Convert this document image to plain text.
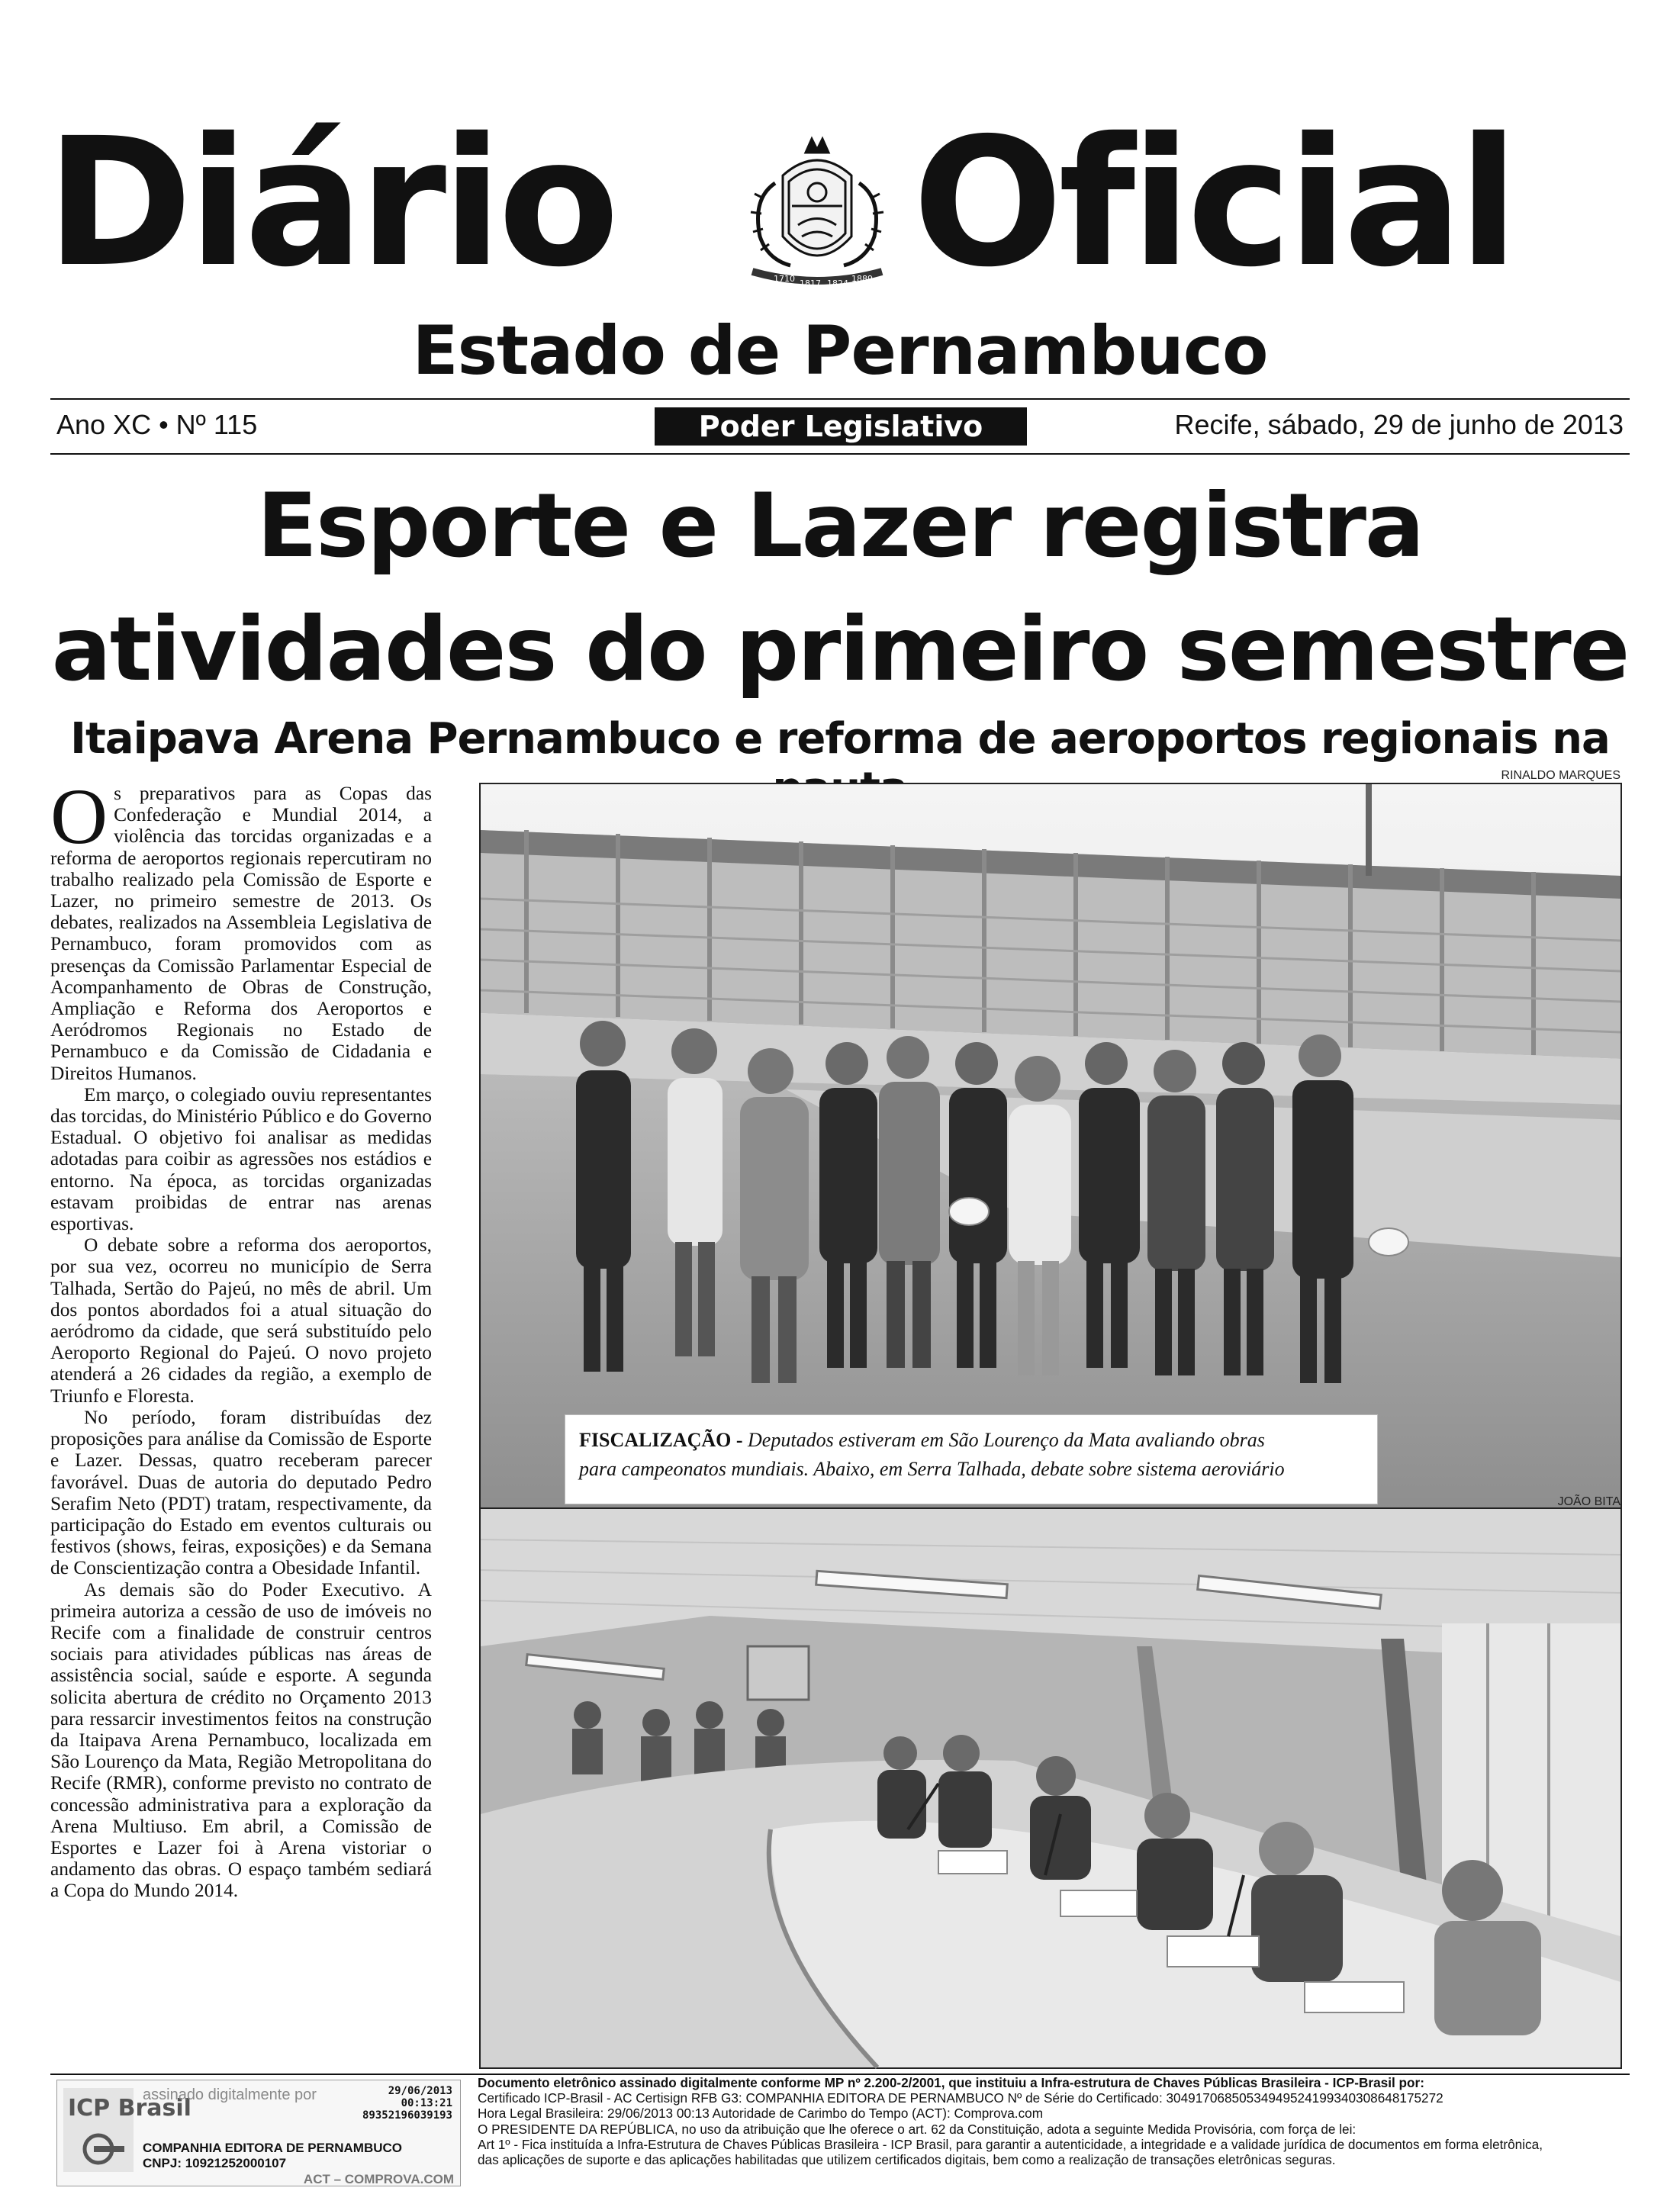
Diário	1710 1817 1824 1889 Oficial
Estado de Pernambuco
Ano XC • Nº 115	Poder Legislativo	Recife, sábado, 29 de junho de 2013
Esporte e Lazer registra
atividades do primeiro semestre
Itaipava Arena Pernambuco e reforma de aeroportos regionais na

Os preparativos para as Copas das Confederação e Mundial 2014, a violência das torcidas organizadas e a reforma de aeroportos regionais repercutiram no trabalho realizado pela Comissão de Esporte e Lazer, no primeiro semestre de 2013. Os debates, realizados na Assembleia Legislativa de Pernambuco, foram promovidos com as presenças da Comissão Parlamentar Especial de Acompanhamento de Obras de Construção, Ampliação e Reforma dos Aeroportos e Aeródromos Regionais no Estado de Pernambuco e da Comissão de Cidadania e Direitos Humanos.

Em março, o colegiado ouviu representantes das torcidas, do Ministério Público e do Governo Estadual. O objetivo foi analisar as medidas adotadas para coibir as agressões nos estádios e entorno. Na época, as torcidas organizadas estavam proibidas de entrar nas arenas esportivas.

O debate sobre a reforma dos aeroportos, por sua vez, ocorreu no município de Serra Talhada, Sertão do Pajeú, no mês de abril. Um dos pontos abordados foi a atual situação do aeródromo da cidade, que será substituído pelo Aeroporto Regional do Pajeú. O novo projeto atenderá a 26 cidades da região, a exemplo de Triunfo e Floresta.

No período, foram distribuídas dez proposições para análise da Comissão de Esporte e Lazer. Dessas, quatro receberam parecer favorável. Duas de autoria do deputado Pedro Serafim Neto (PDT) tratam, respectivamente, da participação do Estado em eventos culturais ou festivos (shows, feiras, exposições) e da Semana de Conscientização contra a Obesidade Infantil.

As demais são do Poder Executivo. A primeira autoriza a cessão de uso de imóveis no Recife com a finalidade de construir centros sociais para atividades públicas nas áreas de assistência social, saúde e esporte. A segunda solicita abertura de crédito no Orçamento 2013 para ressarcir investimentos feitos na construção da Itaipava Arena Pernambuco, localizada em São Lourenço da Mata, Região Metropolitana do Recife (RMR), conforme previsto no contrato de concessão administrativa para a exploração da Arena Multiuso. Em abril, a Comissão de Esportes e Lazer foi à Arena vistoriar o andamento das obras. O espaço também sediará a Copa do Mundo 2014.

RINALDO MARQUES
FISCALIZAÇÃO - Deputados estiveram em São Lourenço da Mata avaliando obras
para campeonatos mundiais. Abaixo, em Serra Talhada, debate sobre sistema aeroviário
JOÃO BITA
ICP Brasil
assinado digitalmente por	29/06/2013
00:13:21
89352196039193
COMPANHIA EDITORA DE PERNAMBUCO
CNPJ: 10921252000107
ACT – COMPROVA.COM
Documento eletrônico assinado digitalmente conforme MP nº 2.200-2/2001, que instituiu a Infra-estrutura de Chaves Públicas Brasileira - ICP-Brasil por:
Certificado ICP-Brasil - AC Certisign RFB G3: COMPANHIA EDITORA DE PERNAMBUCO Nº de Série do Certificado: 304917068505349495241993403086481752​72
Hora Legal Brasileira: 29/06/2013 00:13 Autoridade de Carimbo do Tempo (ACT): Comprova.com
O PRESIDENTE DA REPÚBLICA, no uso da atribuição que lhe oferece o art. 62 da Constituição, adota a seguinte Medida Provisória, com força de lei:
Art 1º - Fica instituída a Infra-Estrutura de Chaves Públicas Brasileira - ICP Brasil, para garantir a autenticidade, a integridade e a validade jurídica de documentos em forma eletrônica,
das aplicações de suporte e das aplicações habilitadas que utilizem certificados digitais, bem como a realização de transações eletrônicas seguras.
